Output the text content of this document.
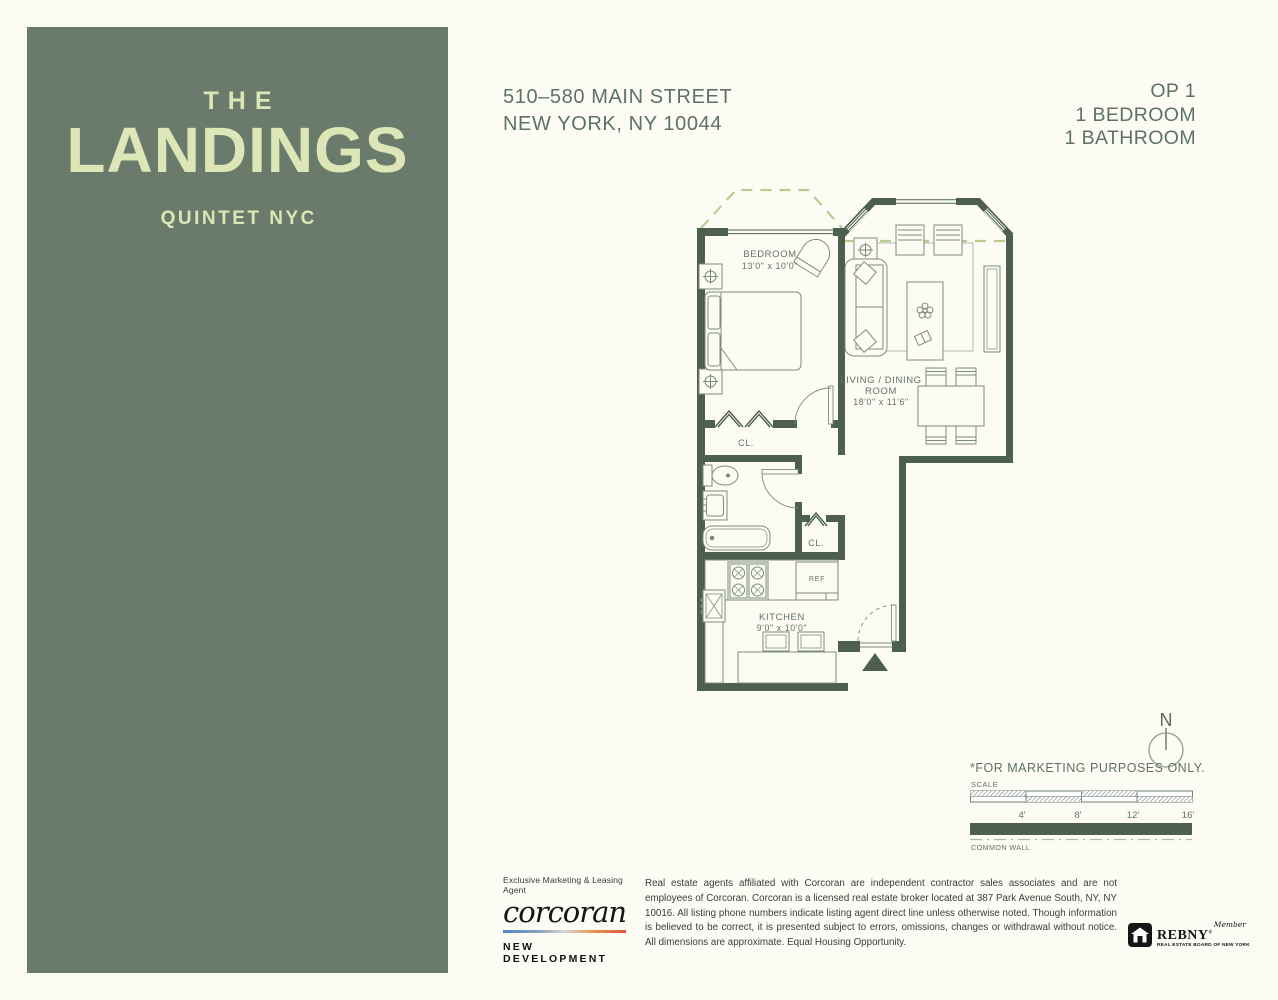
THE
LANDINGS
QUINTET NYC
510–580 MAIN STREET
NEW YORK, NY 10044
OP 1
1 BEDROOM
1 BATHROOM
BEDROOM
13'0" x 10'0"
LIVING / DINING
ROOM
18'0" x 11'6"
KITCHEN
9'0" x 10'0"
CL.
CL.
REF
N
*FOR MARKETING PURPOSES ONLY.
SCALE
4'	8'	12'	16'
COMMON WALL
Exclusive Marketing & Leasing Agent
corcoran
NEW DEVELOPMENT
Real estate agents affiliated with Corcoran are independent contractor sales associates and are not employees of Corcoran. Corcoran is a licensed real estate broker located at 387 Park Avenue South, NY, NY 10016. All listing phone numbers indicate listing agent direct line unless otherwise noted. Though information is believed to be correct, it is presented subject to errors, omissions, changes or withdrawal without notice. All dimensions are approximate. Equal Housing Opportunity.
Member
REBNY®
REAL ESTATE BOARD OF NEW YORK
